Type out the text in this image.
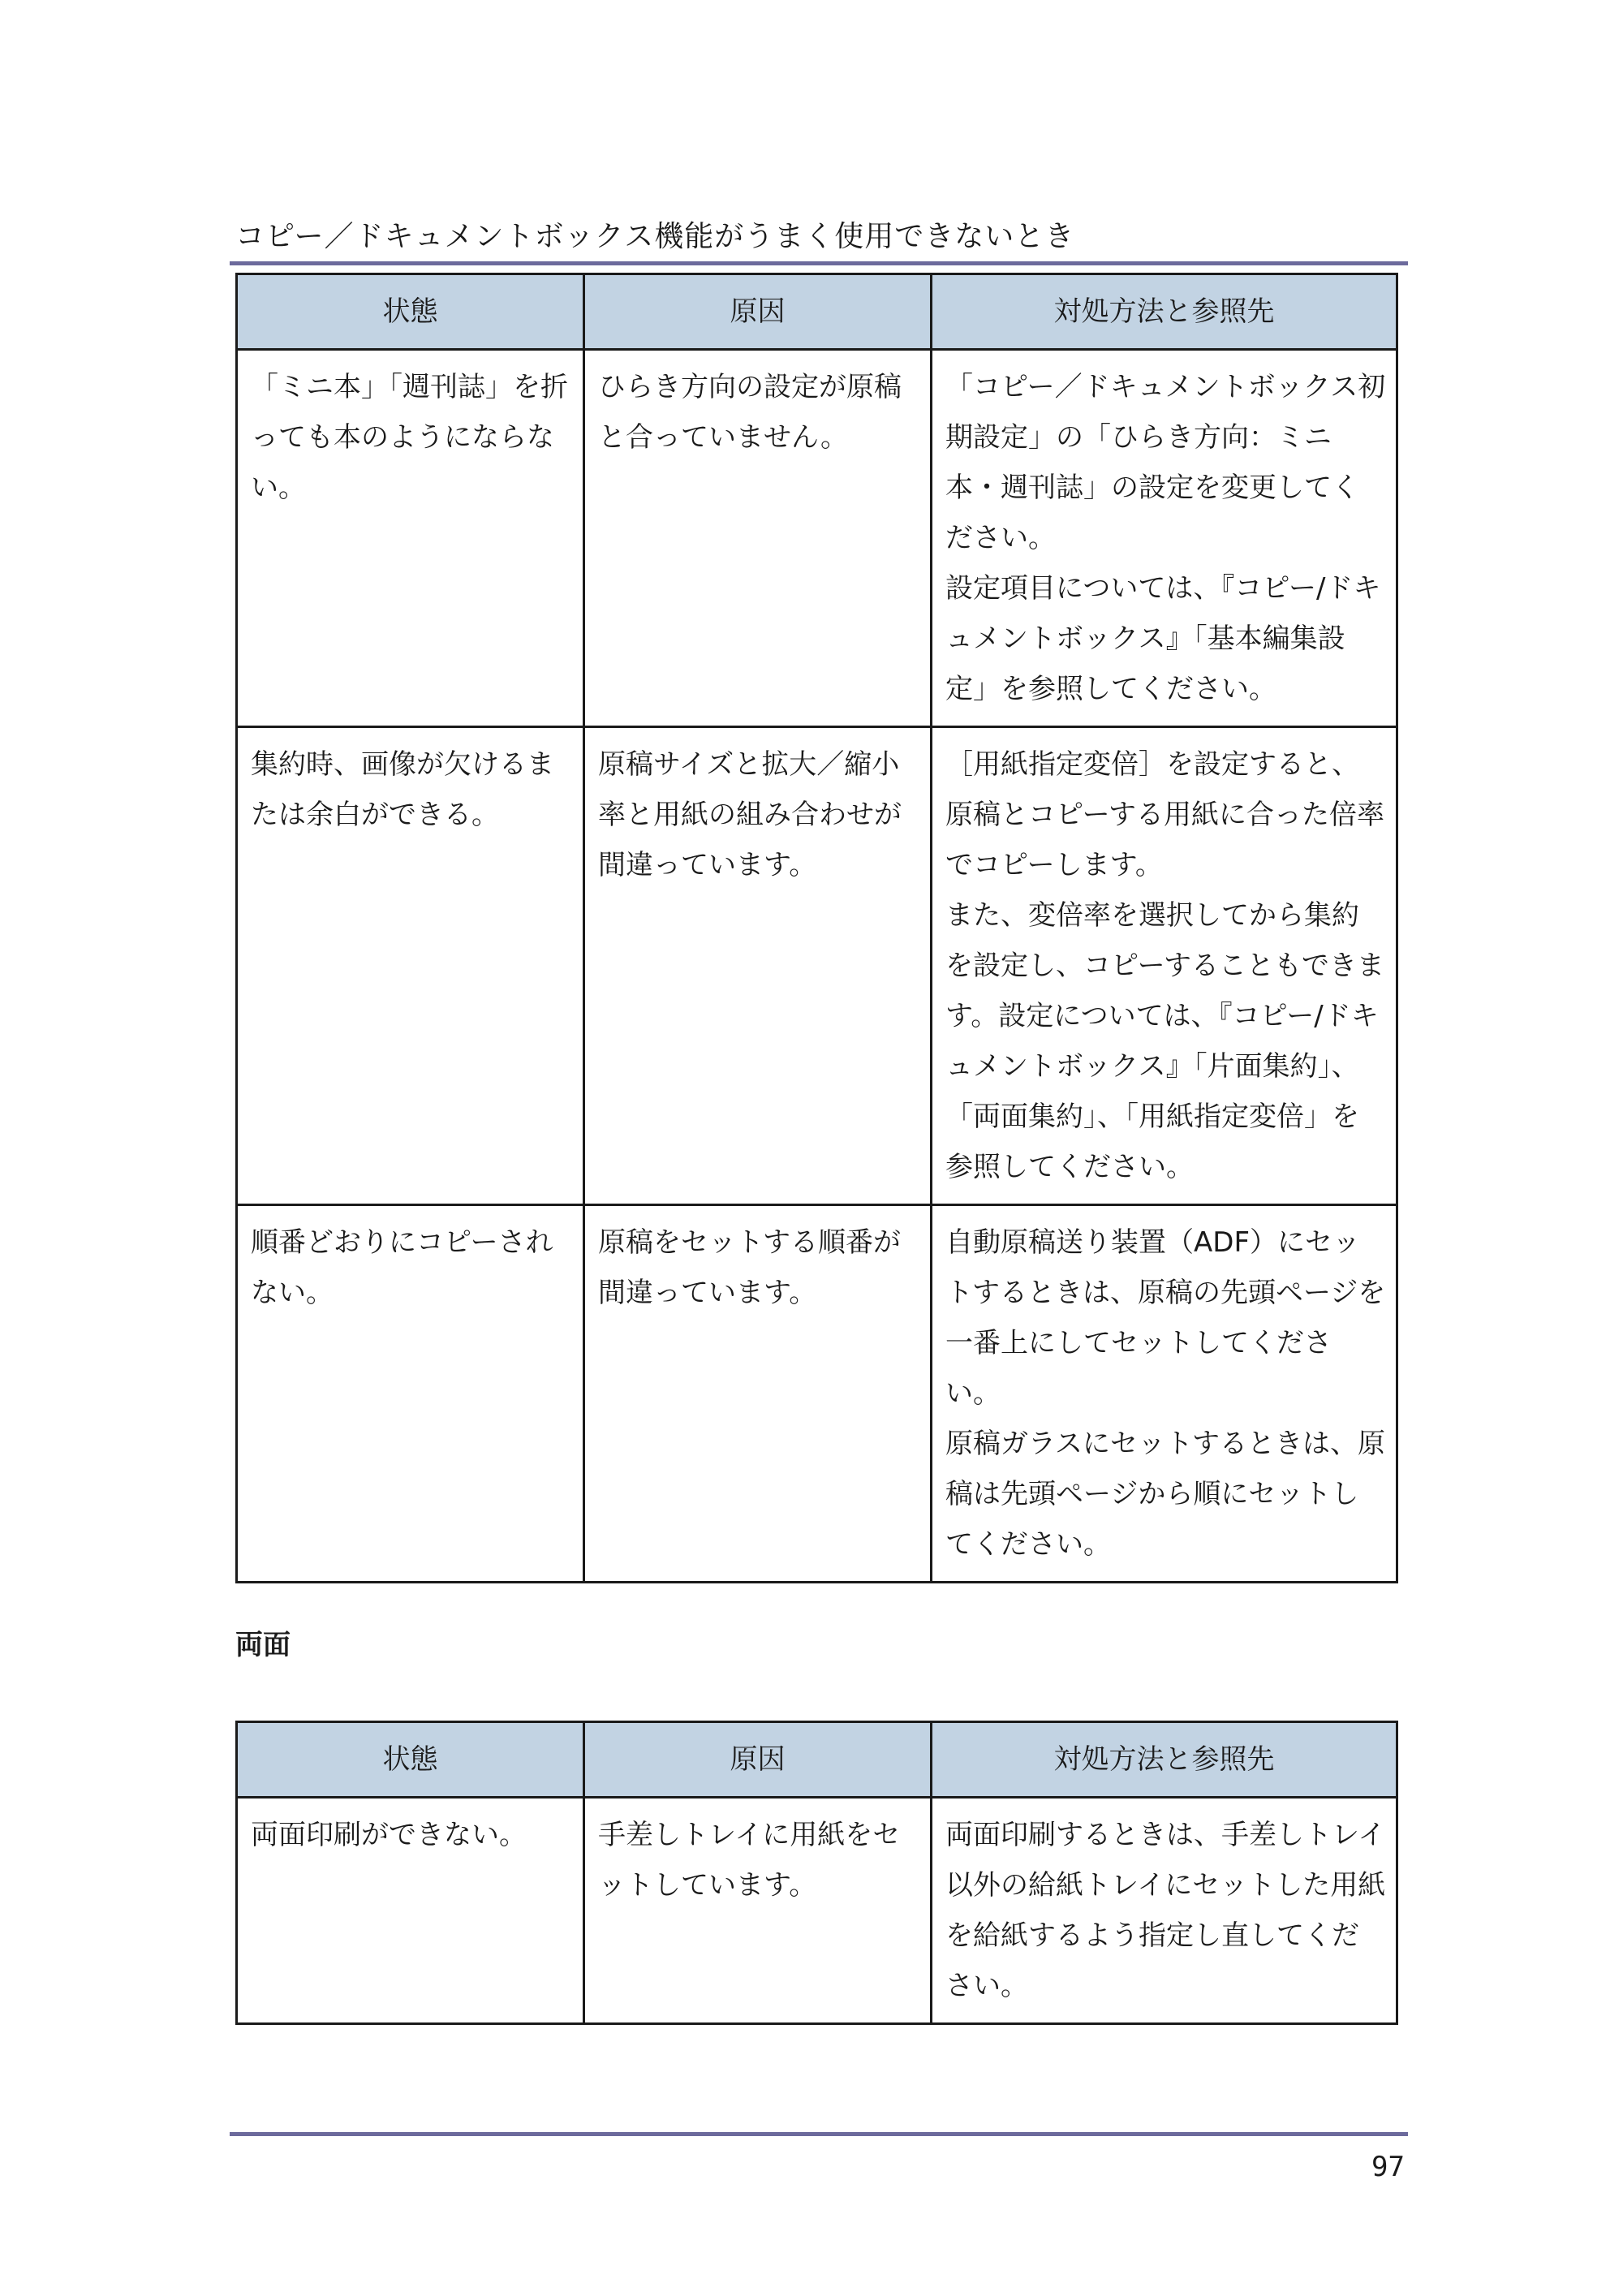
コピー／ドキュメントボックス機能がうまく使用できないとき
状態	原因	対処方法と参照先
「ミニ本」「週刊誌」を折っても本のようにならない。	ひらき方向の設定が原稿と合っていません。	「コピー／ドキュメントボックス初期設定」の「ひらき方向：ミニ本・週刊誌」の設定を変更してください。

設定項目については、『コピー/ドキュメントボックス』「基本編集設定」を参照してください。

集約時、画像が欠けるまたは余白ができる。	原稿サイズと拡大／縮小率と用紙の組み合わせが間違っています。	［用紙指定変倍］を設定すると、原稿とコピーする用紙に合った倍率でコピーします。

また、変倍率を選択してから集約を設定し、コピーすることもできます。設定については、『コピー/ドキュメントボックス』「片面集約」、「両面集約」、「用紙指定変倍」を参照してください。

順番どおりにコピーされない。	原稿をセットする順番が間違っています。	自動原稿送り装置（ADF）にセットするときは、原稿の先頭ページを一番上にしてセットしてください。

原稿ガラスにセットするときは、原稿は先頭ページから順にセットしてください。

両面
状態	原因	対処方法と参照先
両面印刷ができない。	手差しトレイに用紙をセットしています。	両面印刷するときは、手差しトレイ以外の給紙トレイにセットした用紙を給紙するよう指定し直してください。

97
